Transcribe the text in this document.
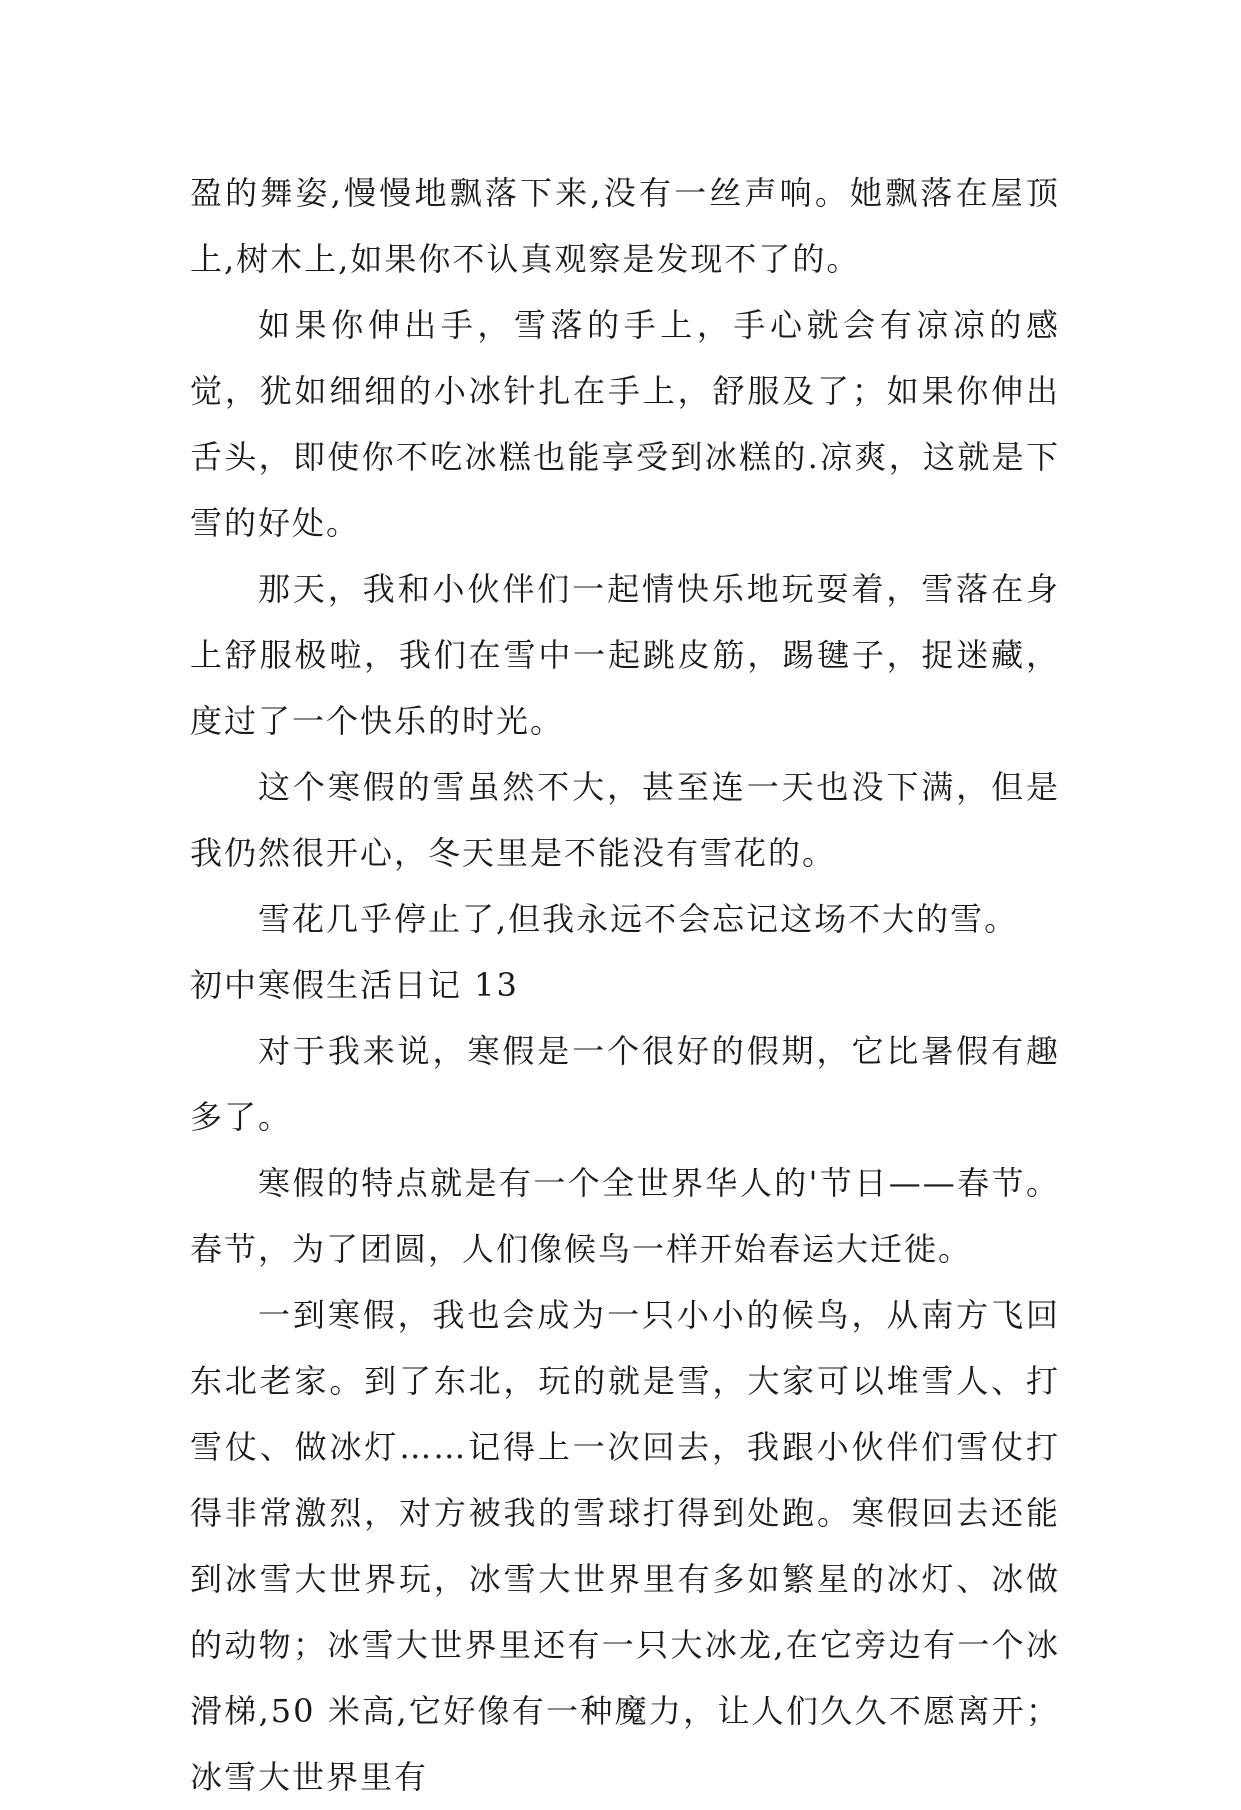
盈的舞姿,慢慢地飘落下来,没有一丝声响。她飘落在屋顶上,树木上,如果你不认真观察是发现不了的。

如果你伸出手，雪落的手上，手心就会有凉凉的感觉，犹如细细的小冰针扎在手上，舒服及了；如果你伸出舌头，即使你不吃冰糕也能享受到冰糕的.凉爽，这就是下雪的好处。

那天，我和小伙伴们一起情快乐地玩耍着，雪落在身上舒服极啦，我们在雪中一起跳皮筋，踢毽子，捉迷藏，度过了一个快乐的时光。

这个寒假的雪虽然不大，甚至连一天也没下满，但是我仍然很开心，冬天里是不能没有雪花的。

雪花几乎停止了,但我永远不会忘记这场不大的雪。

初中寒假生活日记 13

对于我来说，寒假是一个很好的假期，它比暑假有趣多了。

寒假的特点就是有一个全世界华人的'节日——春节。春节，为了团圆，人们像候鸟一样开始春运大迁徙。

一到寒假，我也会成为一只小小的候鸟，从南方飞回东北老家。到了东北，玩的就是雪，大家可以堆雪人、打雪仗、做冰灯……记得上一次回去，我跟小伙伴们雪仗打得非常激烈，对方被我的雪球打得到处跑。寒假回去还能到冰雪大世界玩，冰雪大世界里有多如繁星的冰灯、冰做的动物；冰雪大世界里还有一只大冰龙,在它旁边有一个冰滑梯,50 米高,它好像有一种魔力，让人们久久不愿离开；冰雪大世界里有
